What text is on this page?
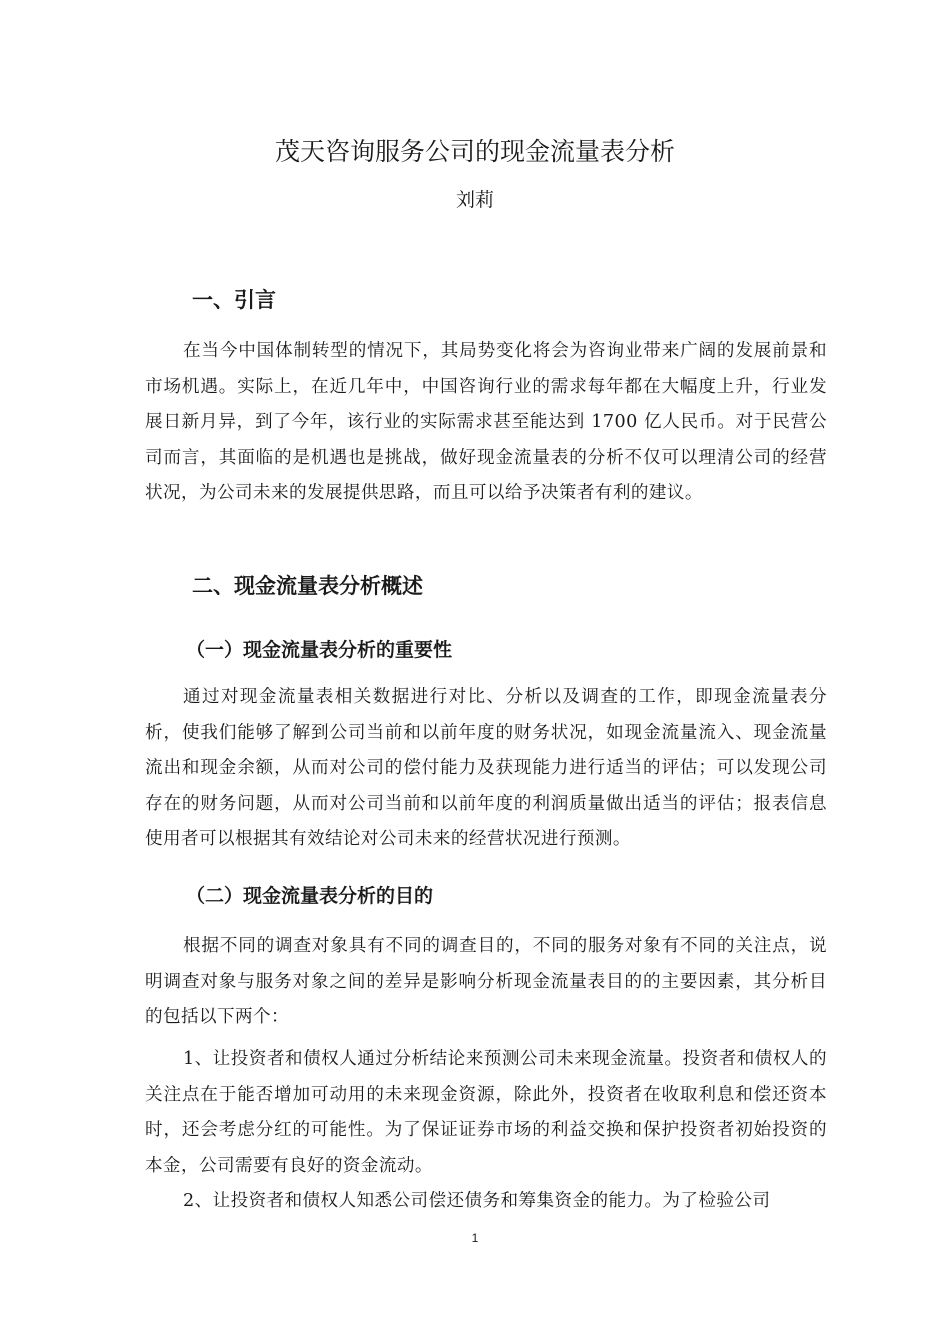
茂天咨询服务公司的现金流量表分析
刘莉
一、引言

在当今中国体制转型的情况下，其局势变化将会为咨询业带来广阔的发展前景和市场机遇。实际上，在近几年中，中国咨询行业的需求每年都在大幅度上升，行业发展日新月异，到了今年，该行业的实际需求甚至能达到 1700 亿人民币。对于民营公司而言，其面临的是机遇也是挑战，做好现金流量表的分析不仅可以理清公司的经营状况，为公司未来的发展提供思路，而且可以给予决策者有利的建议。

二、现金流量表分析概述
（一）现金流量表分析的重要性

通过对现金流量表相关数据进行对比、分析以及调查的工作，即现金流量表分析，使我们能够了解到公司当前和以前年度的财务状况，如现金流量流入、现金流量流出和现金余额，从而对公司的偿付能力及获现能力进行适当的评估；可以发现公司存在的财务问题，从而对公司当前和以前年度的利润质量做出适当的评估；报表信息使用者可以根据其有效结论对公司未来的经营状况进行预测。

（二）现金流量表分析的目的

根据不同的调查对象具有不同的调查目的，不同的服务对象有不同的关注点，说明调查对象与服务对象之间的差异是影响分析现金流量表目的的主要因素，其分析目的包括以下两个：

1、让投资者和债权人通过分析结论来预测公司未来现金流量。投资者和债权人的关注点在于能否增加可动用的未来现金资源，除此外，投资者在收取利息和偿还资本时，还会考虑分红的可能性。为了保证证券市场的利益交换和保护投资者初始投资的本金，公司需要有良好的资金流动。

2、让投资者和债权人知悉公司偿还债务和筹集资金的能力。为了检验公司

1
